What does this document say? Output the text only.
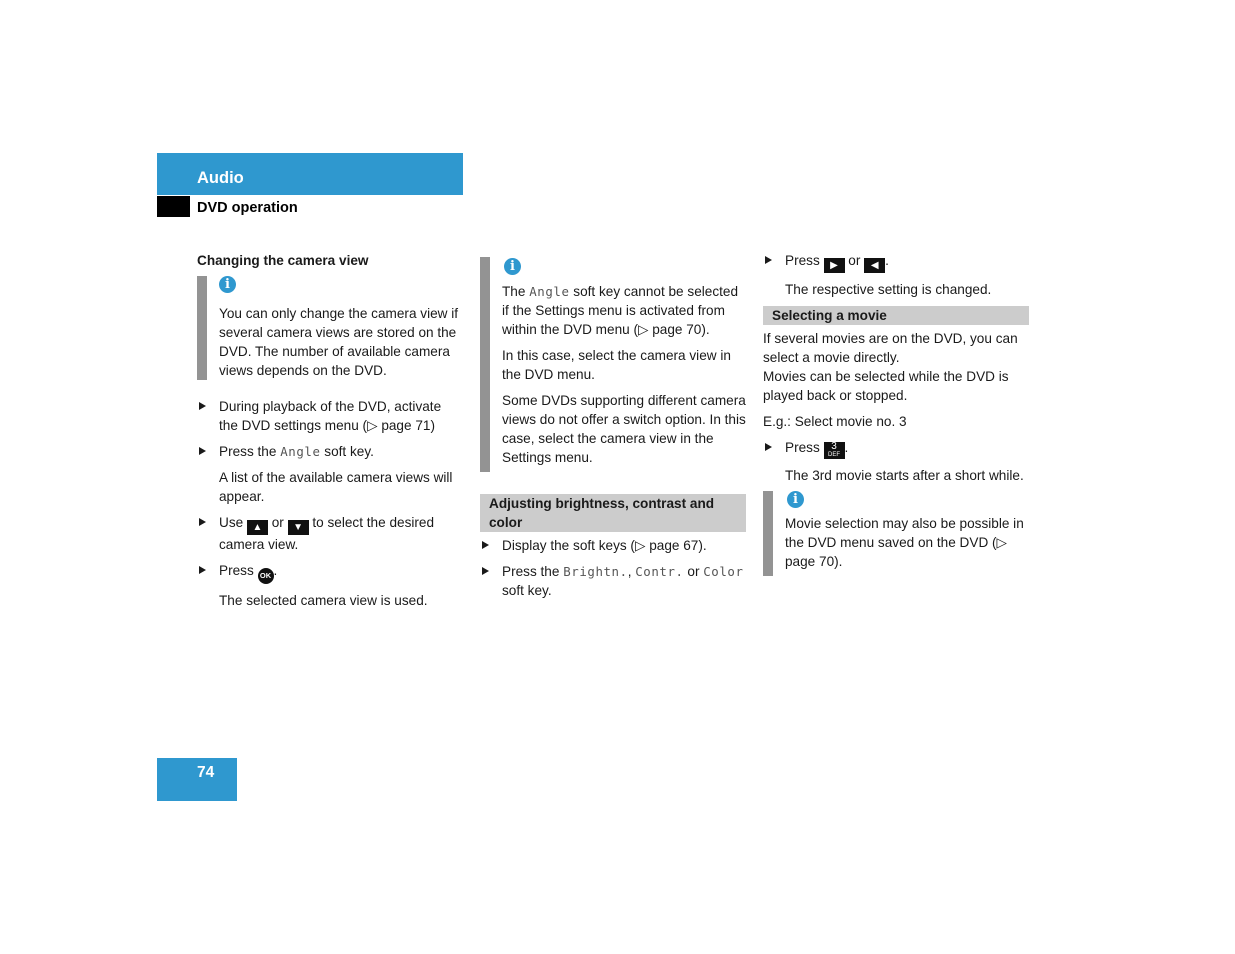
Audio
DVD operation
Changing the camera view
i

You can only change the camera view if several camera views are stored on the DVD. The number of available camera views depends on the DVD.

During playback of the DVD, activate the DVD settings menu (▷ page 71)
Press the Angle soft key.

A list of the available camera views will appear.

Use ▲ or ▼ to select the desired camera view.
Press OK .

The selected camera view is used.

i

The Angle soft key cannot be selected if the Settings menu is activated from within the DVD menu (▷ page 70).

In this case, select the camera view in the DVD menu.

Some DVDs supporting different camera views do not offer a switch option. In this case, select the camera view in the Settings menu.

Adjusting brightness, contrast and color
Display the soft keys (▷ page 67).
Press the Brightn., Contr. or Color soft key.
Press ▶ or ◀ .

The respective setting is changed.

Selecting a movie

If several movies are on the DVD, you can select a movie directly.

Movies can be selected while the DVD is played back or stopped.

E.g.: Select movie no. 3

Press 3
DEF .

The 3rd movie starts after a short while.

i

Movie selection may also be possible in the DVD menu saved on the DVD (▷ page 70).

74
